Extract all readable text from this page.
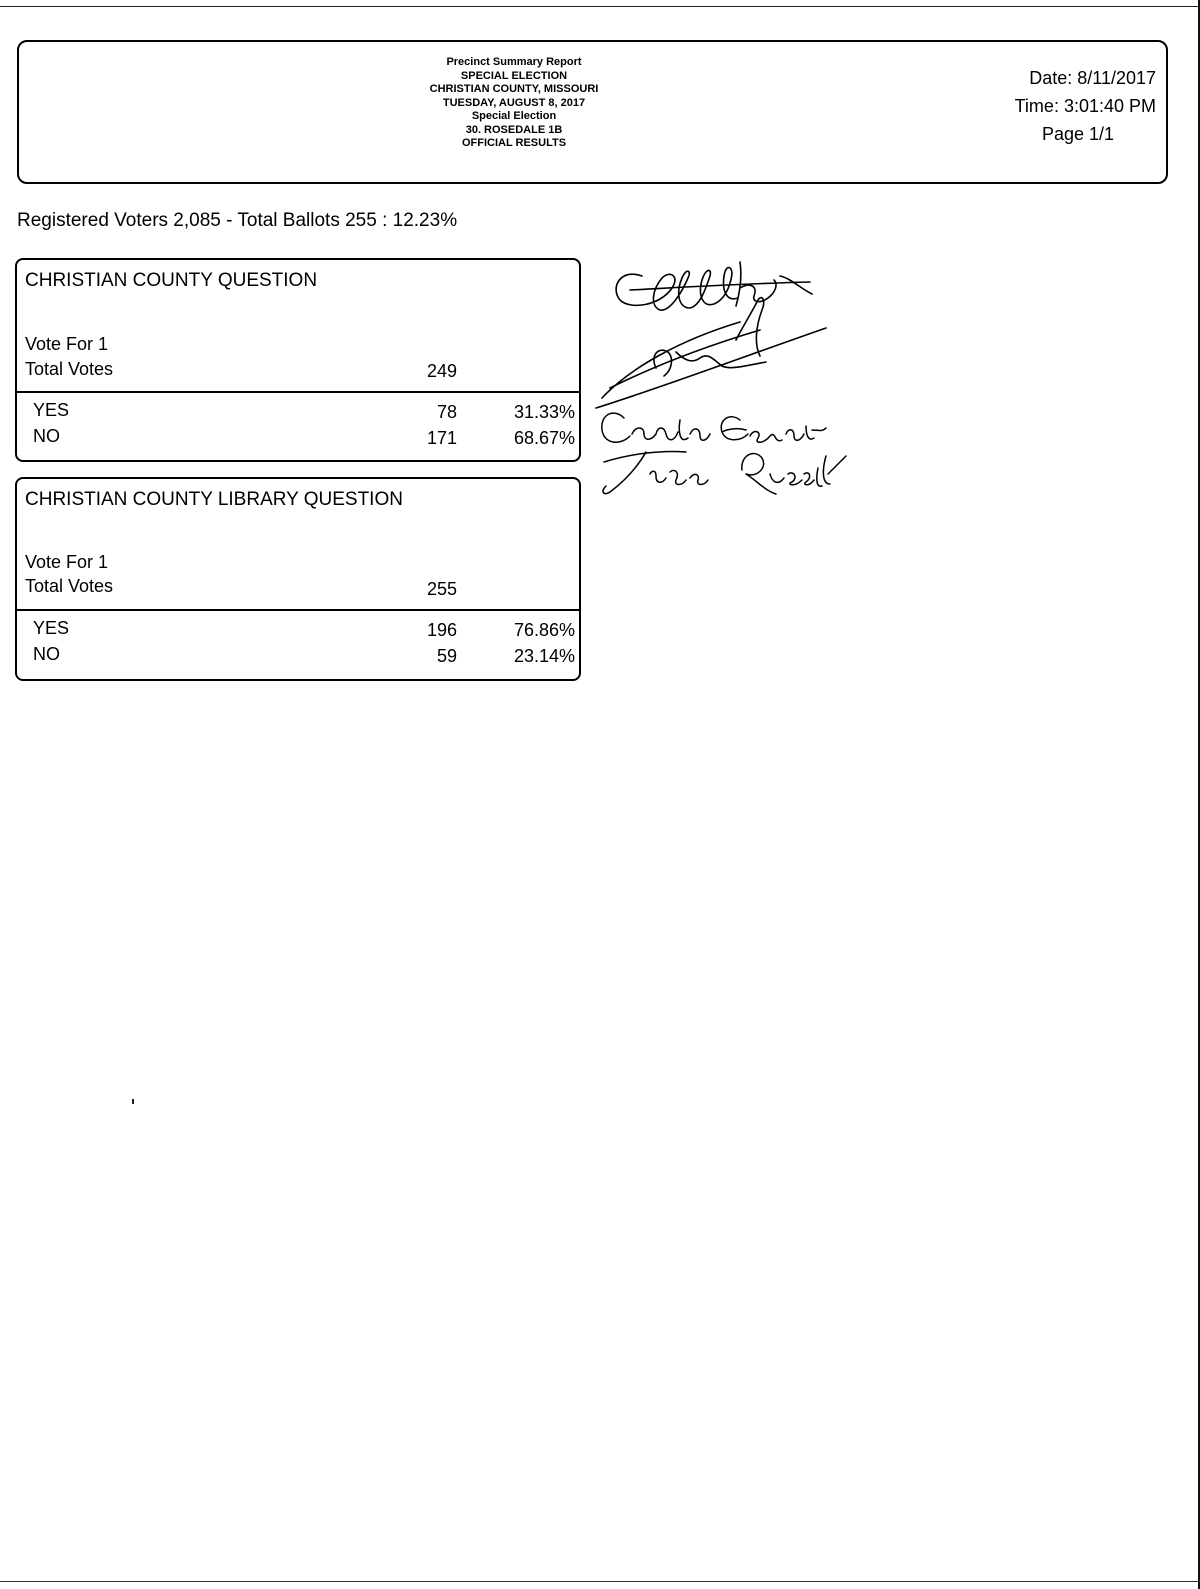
Precinct Summary Report
SPECIAL ELECTION
CHRISTIAN COUNTY, MISSOURI
TUESDAY, AUGUST 8, 2017
Special Election
30. ROSEDALE 1B
OFFICIAL RESULTS
Date: 8/11/2017
Time: 3:01:40 PM
Page 1/1
Registered Voters 2,085 - Total Ballots 255 : 12.23%
CHRISTIAN COUNTY QUESTION
Vote For 1
Total Votes	249
YES	78	31.33%
NO	171	68.67%
CHRISTIAN COUNTY LIBRARY QUESTION
Vote For 1
Total Votes	255
YES	196	76.86%
NO	59	23.14%
